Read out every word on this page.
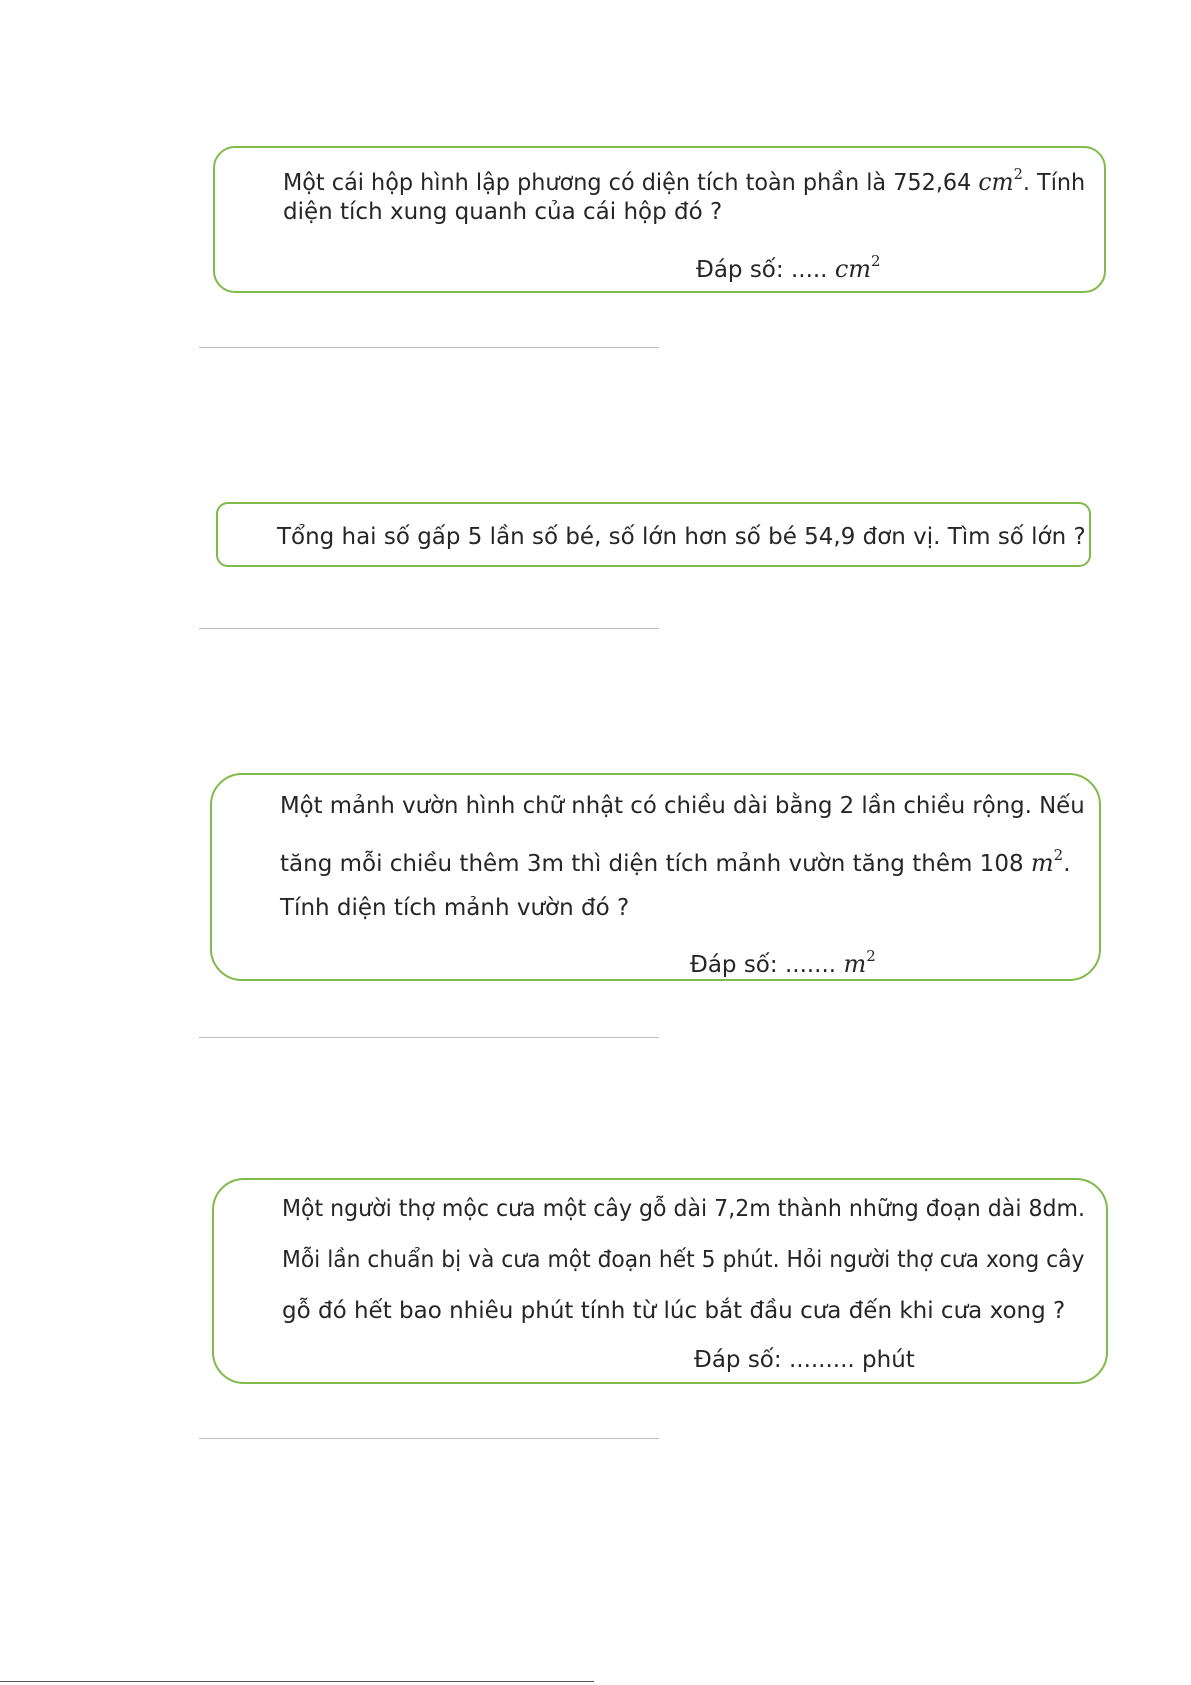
Một cái hộp hình lập phương có diện tích toàn phần là 752,64 $cm^2$. Tính

diện tích xung quanh của cái hộp đó ?

Đáp số: ..... $cm^2$

Tổng hai số gấp 5 lần số bé, số lớn hơn số bé 54,9 đơn vị. Tìm số lớn ?

Một mảnh vườn hình chữ nhật có chiều dài bằng 2 lần chiều rộng. Nếu

tăng mỗi chiều thêm 3m thì diện tích mảnh vườn tăng thêm 108 $m^2$.

Tính diện tích mảnh vườn đó ?

Đáp số: ....... $m^2$

Một người thợ mộc cưa một cây gỗ dài 7,2m thành những đoạn dài 8dm.

Mỗi lần chuẩn bị và cưa một đoạn hết 5 phút. Hỏi người thợ cưa xong cây

gỗ đó hết bao nhiêu phút tính từ lúc bắt đầu cưa đến khi cưa xong ?

Đáp số: ......... phút
